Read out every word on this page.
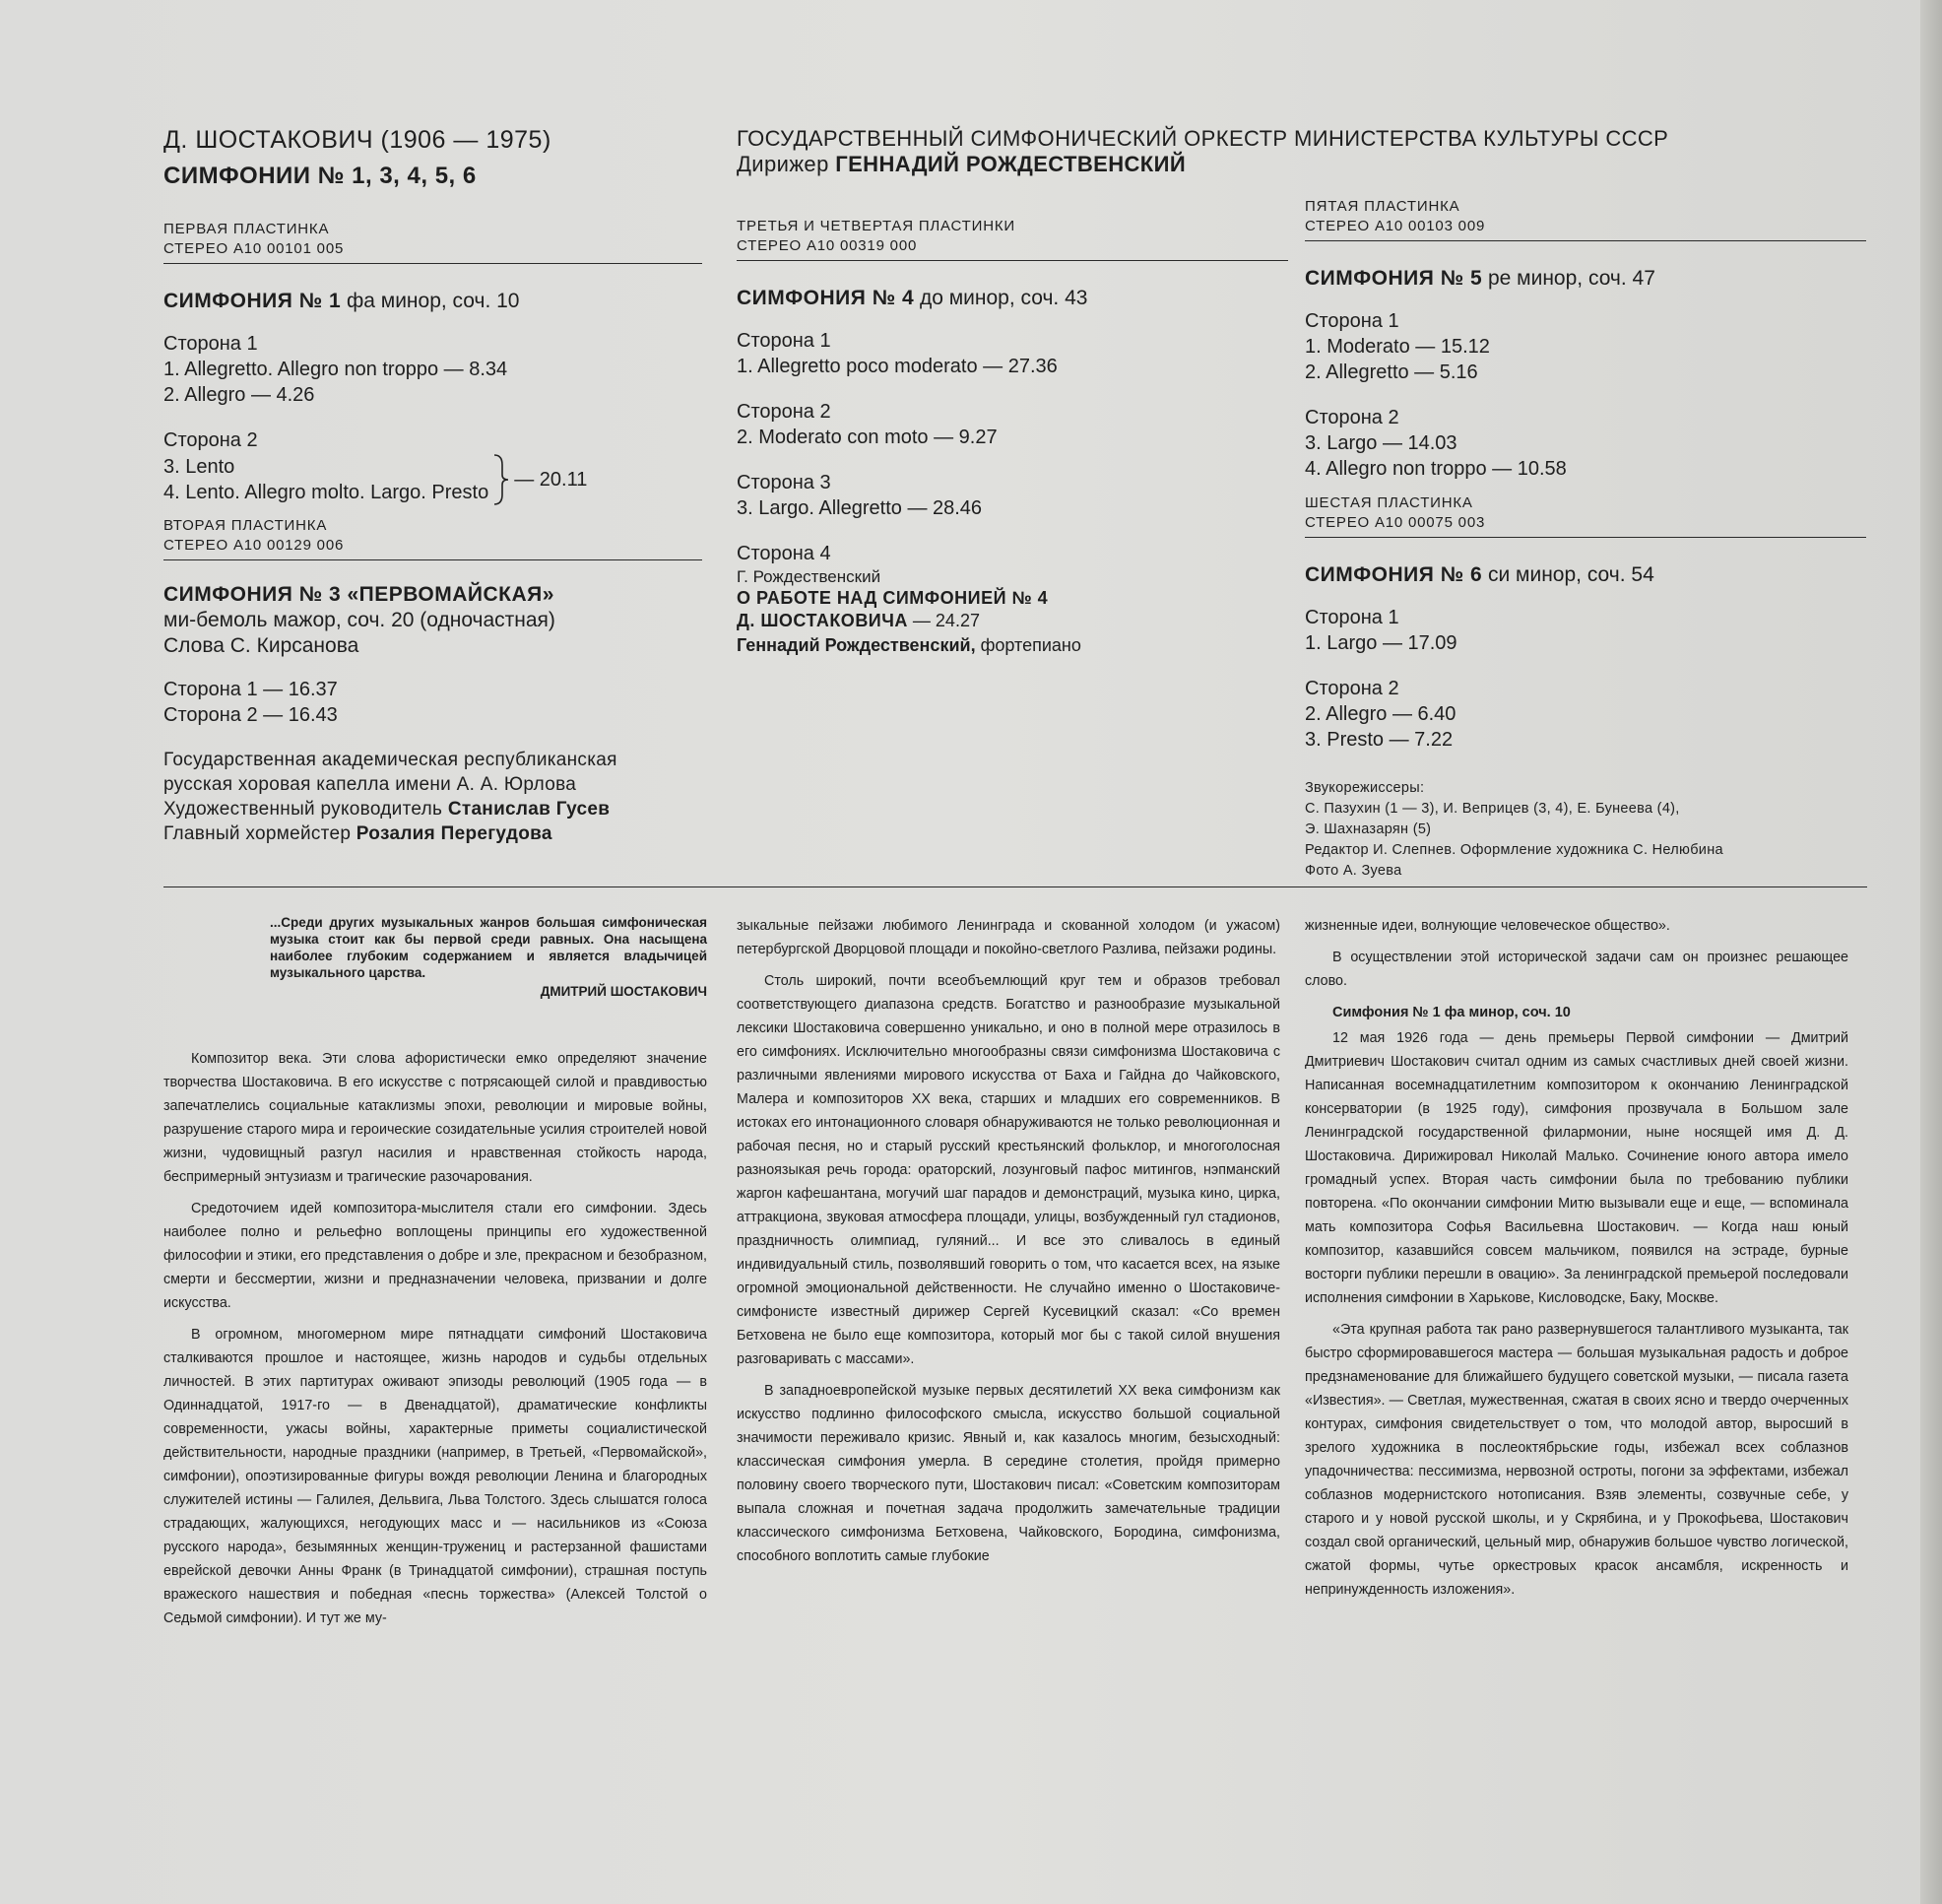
Д. ШОСТАКОВИЧ (1906 — 1975)
СИМФОНИИ № 1, 3, 4, 5, 6
ПЕРВАЯ ПЛАСТИНКА
СТЕРЕО А10 00101 005
СИМФОНИЯ № 1 фа минор, соч. 10
Сторона 1
1. Allegretto. Allegro non troppo — 8.34
2. Allegro — 4.26
Сторона 2
3. Lento
4. Lento. Allegro molto. Largo. Presto
— 20.11
ВТОРАЯ ПЛАСТИНКА
СТЕРЕО А10 00129 006
СИМФОНИЯ № 3 «ПЕРВОМАЙСКАЯ»
ми-бемоль мажор, соч. 20 (одночастная)
Слова С. Кирсанова
Сторона 1 — 16.37
Сторона 2 — 16.43
Государственная академическая республиканская
русская хоровая капелла имени А. А. Юрлова
Художественный руководитель Станислав Гусев
Главный хормейстер Розалия Перегудова
ГОСУДАРСТВЕННЫЙ СИМФОНИЧЕСКИЙ ОРКЕСТР МИНИСТЕРСТВА КУЛЬТУРЫ СССР
Дирижер ГЕННАДИЙ РОЖДЕСТВЕНСКИЙ
ТРЕТЬЯ И ЧЕТВЕРТАЯ ПЛАСТИНКИ
СТЕРЕО А10 00319 000
СИМФОНИЯ № 4 до минор, соч. 43
Сторона 1
1. Allegretto poco moderato — 27.36
Сторона 2
2. Moderato con moto — 9.27
Сторона 3
3. Largo. Allegretto — 28.46
Сторона 4
Г. Рождественский
О РАБОТЕ НАД СИМФОНИЕЙ № 4
Д. ШОСТАКОВИЧА — 24.27
Геннадий Рождественский, фортепиано
ПЯТАЯ ПЛАСТИНКА
СТЕРЕО А10 00103 009
СИМФОНИЯ № 5 ре минор, соч. 47
Сторона 1
1. Moderato — 15.12
2. Allegretto — 5.16
Сторона 2
3. Largo — 14.03
4. Allegro non troppo — 10.58
ШЕСТАЯ ПЛАСТИНКА
СТЕРЕО А10 00075 003
СИМФОНИЯ № 6 си минор, соч. 54
Сторона 1
1. Largo — 17.09
Сторона 2
2. Allegro — 6.40
3. Presto — 7.22
Звукорежиссеры:
С. Пазухин (1 — 3), И. Веприцев (3, 4), Е. Бунеева (4),
Э. Шахназарян (5)
Редактор И. Слепнев. Оформление художника С. Нелюбина
Фото А. Зуева
...Среди других музыкальных жанров большая симфоническая музыка стоит как бы первой среди равных. Она насыщена наиболее глубоким содержанием и является владычицей музыкального царства.
ДМИТРИЙ ШОСТАКОВИЧ

Композитор века. Эти слова афористически емко определяют значение творчества Шостаковича. В его искусстве с потрясающей силой и правдивостью запечатлелись социальные катаклизмы эпохи, революции и мировые войны, разрушение старого мира и героические созидательные усилия строителей новой жизни, чудовищный разгул насилия и нравственная стойкость народа, беспримерный энтузиазм и трагические разочарования.

Средоточием идей композитора-мыслителя стали его симфонии. Здесь наиболее полно и рельефно воплощены принципы его художественной философии и этики, его представления о добре и зле, прекрасном и безобразном, смерти и бессмертии, жизни и предназначении человека, призвании и долге искусства.

В огромном, многомерном мире пятнадцати симфоний Шостаковича сталкиваются прошлое и настоящее, жизнь народов и судьбы отдельных личностей. В этих партитурах оживают эпизоды революций (1905 года — в Одиннадцатой, 1917-го — в Двенадцатой), драматические конфликты современности, ужасы войны, характерные приметы социалистической действительности, народные праздники (например, в Третьей, «Первомайской», симфонии), опоэтизированные фигуры вождя революции Ленина и благородных служителей истины — Галилея, Дельвига, Льва Толстого. Здесь слышатся голоса страдающих, жалующихся, негодующих масс и — насильников из «Союза русского народа», безымянных женщин-тружениц и растерзанной фашистами еврейской девочки Анны Франк (в Тринадцатой симфонии), страшная поступь вражеского нашествия и победная «песнь торжества» (Алексей Толстой о Седьмой симфонии). И тут же му-

зыкальные пейзажи любимого Ленинграда и скованной холодом (и ужасом) петербургской Дворцовой площади и покойно-светлого Разлива, пейзажи родины.

Столь широкий, почти всеобъемлющий круг тем и образов требовал соответствующего диапазона средств. Богатство и разнообразие музыкальной лексики Шостаковича совершенно уникально, и оно в полной мере отразилось в его симфониях. Исключительно многообразны связи симфонизма Шостаковича с различными явлениями мирового искусства от Баха и Гайдна до Чайковского, Малера и композиторов XX века, старших и младших его современников. В истоках его интонационного словаря обнаруживаются не только революционная и рабочая песня, но и старый русский крестьянский фольклор, и многоголосная разноязыкая речь города: ораторский, лозунговый пафос митингов, нэпманский жаргон кафешантана, могучий шаг парадов и демонстраций, музыка кино, цирка, аттракциона, звуковая атмосфера площади, улицы, возбужденный гул стадионов, праздничность олимпиад, гуляний... И все это сливалось в единый индивидуальный стиль, позволявший говорить о том, что касается всех, на языке огромной эмоциональной действенности. Не случайно именно о Шостаковиче-симфонисте известный дирижер Сергей Кусевицкий сказал: «Со времен Бетховена не было еще композитора, который мог бы с такой силой внушения разговаривать с массами».

В западноевропейской музыке первых десятилетий XX века симфонизм как искусство подлинно философского смысла, искусство большой социальной значимости переживало кризис. Явный и, как казалось многим, безысходный: классическая симфония умерла. В середине столетия, пройдя примерно половину своего творческого пути, Шостакович писал: «Советским композиторам выпала сложная и почетная задача продолжить замечательные традиции классического симфонизма Бетховена, Чайковского, Бородина, симфонизма, способного воплотить самые глубокие

жизненные идеи, волнующие человеческое общество».

В осуществлении этой исторической задачи сам он произнес решающее слово.

Симфония № 1 фа минор, соч. 10

12 мая 1926 года — день премьеры Первой симфонии — Дмитрий Дмитриевич Шостакович считал одним из самых счастливых дней своей жизни. Написанная восемнадцатилетним композитором к окончанию Ленинградской консерватории (в 1925 году), симфония прозвучала в Большом зале Ленинградской государственной филармонии, ныне носящей имя Д. Д. Шостаковича. Дирижировал Николай Малько. Сочинение юного автора имело громадный успех. Вторая часть симфонии была по требованию публики повторена. «По окончании симфонии Митю вызывали еще и еще, — вспоминала мать композитора Софья Васильевна Шостакович. — Когда наш юный композитор, казавшийся совсем мальчиком, появился на эстраде, бурные восторги публики перешли в овацию». За ленинградской премьерой последовали исполнения симфонии в Харькове, Кисловодске, Баку, Москве.

«Эта крупная работа так рано развернувшегося талантливого музыканта, так быстро сформировавшегося мастера — большая музыкальная радость и доброе предзнаменование для ближайшего будущего советской музыки, — писала газета «Известия». — Светлая, мужественная, сжатая в своих ясно и твердо очерченных контурах, симфония свидетельствует о том, что молодой автор, выросший в зрелого художника в послеоктябрьские годы, избежал всех соблазнов упадочничества: пессимизма, нервозной остроты, погони за эффектами, избежал соблазнов модернистского нотописания. Взяв элементы, созвучные себе, у старого и у новой русской школы, и у Скрябина, и у Прокофьева, Шостакович создал свой органический, цельный мир, обнаружив большое чувство логической, сжатой формы, чутье оркестровых красок ансамбля, искренность и непринужденность изложения».
